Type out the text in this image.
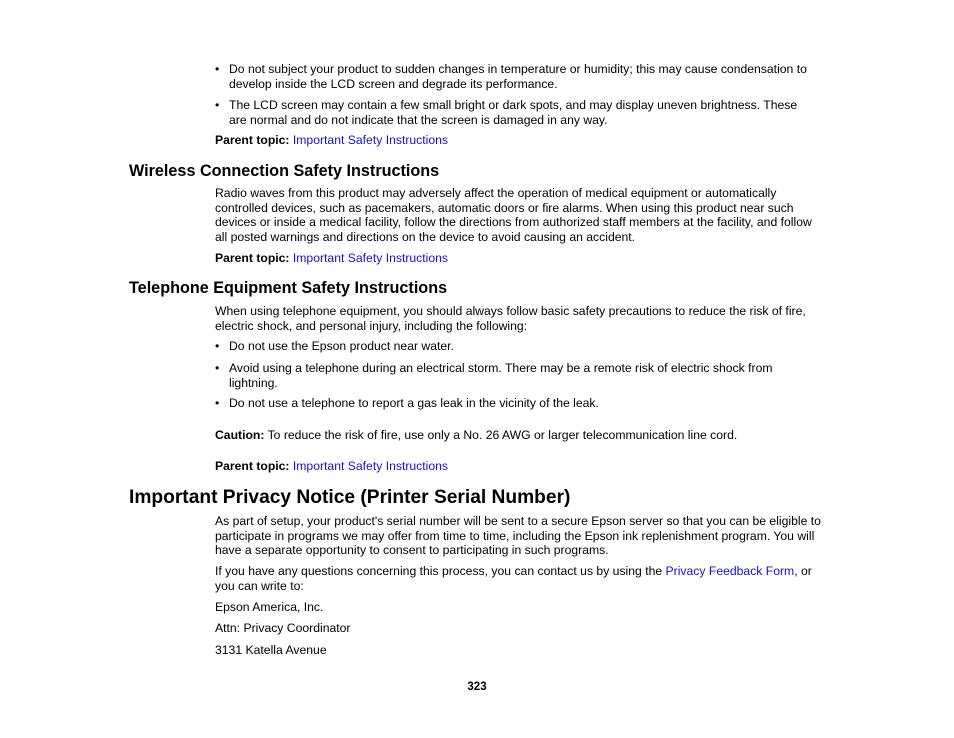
• Do not subject your product to sudden changes in temperature or humidity; this may cause condensation to develop inside the LCD screen and degrade its performance.
• The LCD screen may contain a few small bright or dark spots, and may display uneven brightness. These are normal and do not indicate that the screen is damaged in any way.
Parent topic: Important Safety Instructions
Wireless Connection Safety Instructions
Radio waves from this product may adversely affect the operation of medical equipment or automatically controlled devices, such as pacemakers, automatic doors or fire alarms. When using this product near such devices or inside a medical facility, follow the directions from authorized staff members at the facility, and follow all posted warnings and directions on the device to avoid causing an accident.
Parent topic: Important Safety Instructions
Telephone Equipment Safety Instructions
When using telephone equipment, you should always follow basic safety precautions to reduce the risk of fire, electric shock, and personal injury, including the following:
• Do not use the Epson product near water.
• Avoid using a telephone during an electrical storm. There may be a remote risk of electric shock from lightning.
• Do not use a telephone to report a gas leak in the vicinity of the leak.
Caution: To reduce the risk of fire, use only a No. 26 AWG or larger telecommunication line cord.
Parent topic: Important Safety Instructions
Important Privacy Notice (Printer Serial Number)
As part of setup, your product's serial number will be sent to a secure Epson server so that you can be eligible to participate in programs we may offer from time to time, including the Epson ink replenishment program. You will have a separate opportunity to consent to participating in such programs.
If you have any questions concerning this process, you can contact us by using the Privacy Feedback Form, or you can write to:
Epson America, Inc.
Attn: Privacy Coordinator
3131 Katella Avenue
323
